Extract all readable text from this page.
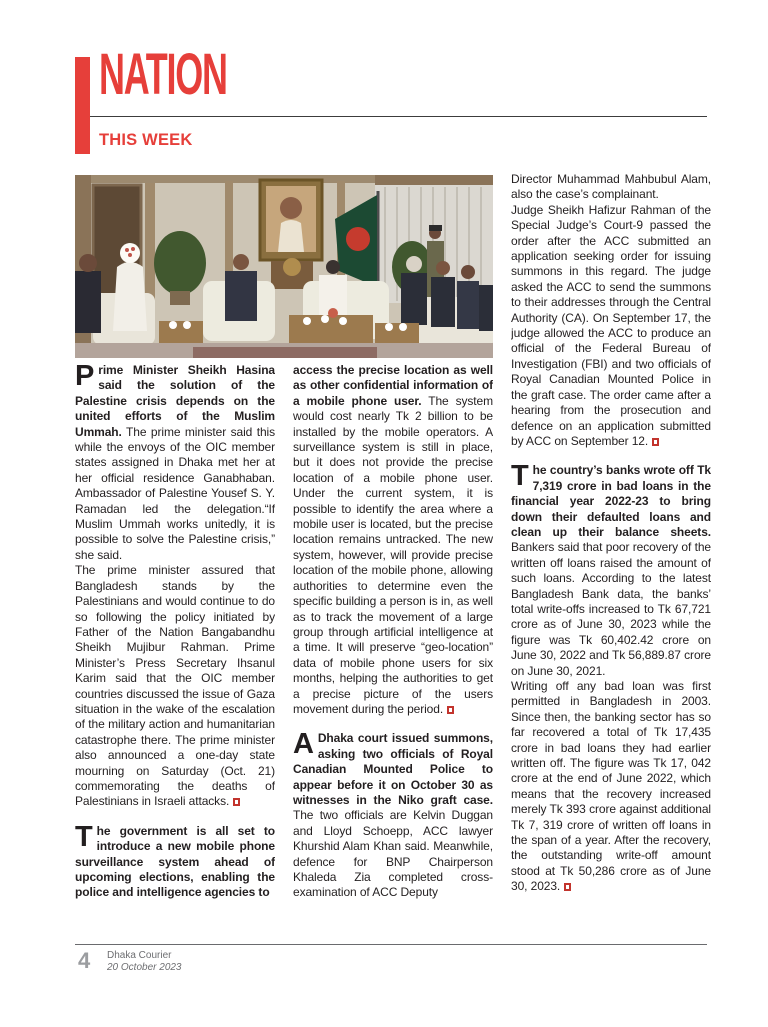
NATION
THIS WEEK

Prime Minister Sheikh Hasina said the solution of the Palestine crisis depends on the united efforts of the Muslim Ummah. The prime minister said this while the envoys of the OIC member states assigned in Dhaka met her at her official residence Ganabhaban. Ambassador of Palestine Yousef S. Y. Ramadan led the delegation.“If Muslim Ummah works unitedly, it is possible to solve the Palestine crisis,” she said.

The prime minister assured that Bangladesh stands by the Palestinians and would continue to do so following the policy initiated by Father of the Nation Bangabandhu Sheikh Mujibur Rahman. Prime Minister’s Press Secretary Ihsanul Karim said that the OIC member countries discussed the issue of Gaza situation in the wake of the escalation of the military action and humanitarian catastrophe there. The prime minister also announced a one-day state mourning on Saturday (Oct. 21) commemorating the deaths of Palestinians in Israeli attacks.

The government is all set to introduce a new mobile phone surveillance system ahead of upcoming elections, enabling the police and intelligence agencies to

access the precise location as well as other confidential information of a mobile phone user. The system would cost nearly Tk 2 billion to be installed by the mobile operators. A surveillance system is still in place, but it does not provide the precise location of a mobile phone user. Under the current system, it is possible to identify the area where a mobile user is located, but the precise location remains untracked. The new system, however, will provide precise location of the mobile phone, allowing authorities to determine even the specific building a person is in, as well as to track the movement of a large group through artificial intelligence at a time. It will preserve “geo-location” data of mobile phone users for six months, helping the authorities to get a precise picture of the users movement during the period.

A Dhaka court issued summons, asking two officials of Royal Canadian Mounted Police to appear before it on October 30 as witnesses in the Niko graft case. The two officials are Kelvin Duggan and Lloyd Schoepp, ACC lawyer Khurshid Alam Khan said. Meanwhile, defence for BNP Chairperson Khaleda Zia completed cross-examination of ACC Deputy

Director Muhammad Mahbubul Alam, also the case’s complainant.

Judge Sheikh Hafizur Rahman of the Special Judge’s Court-9 passed the order after the ACC submitted an application seeking order for issuing summons in this regard. The judge asked the ACC to send the summons to their addresses through the Central Authority (CA). On September 17, the judge allowed the ACC to produce an official of the Federal Bureau of Investigation (FBI) and two officials of Royal Canadian Mounted Police in the graft case. The order came after a hearing from the prosecution and defence on an application submitted by ACC on September 12.

The country’s banks wrote off Tk 7,319 crore in bad loans in the financial year 2022-23 to bring down their defaulted loans and clean up their balance sheets. Bankers said that poor recovery of the written off loans raised the amount of such loans. According to the latest Bangladesh Bank data, the banks’ total write-offs increased to Tk 67,721 crore as of June 30, 2023 while the figure was Tk 60,402.42 crore on June 30, 2022 and Tk 56,889.87 crore on June 30, 2021.

Writing off any bad loan was first permitted in Bangladesh in 2003. Since then, the banking sector has so far recovered a total of Tk 17,435 crore in bad loans they had earlier written off. The figure was Tk 17, 042 crore at the end of June 2022, which means that the recovery increased merely Tk 393 crore against additional Tk 7, 319 crore of written off loans in the span of a year. After the recovery, the outstanding write-off amount stood at Tk 50,286 crore as of June 30, 2023.

4 Dhaka Courier
20 October 2023
